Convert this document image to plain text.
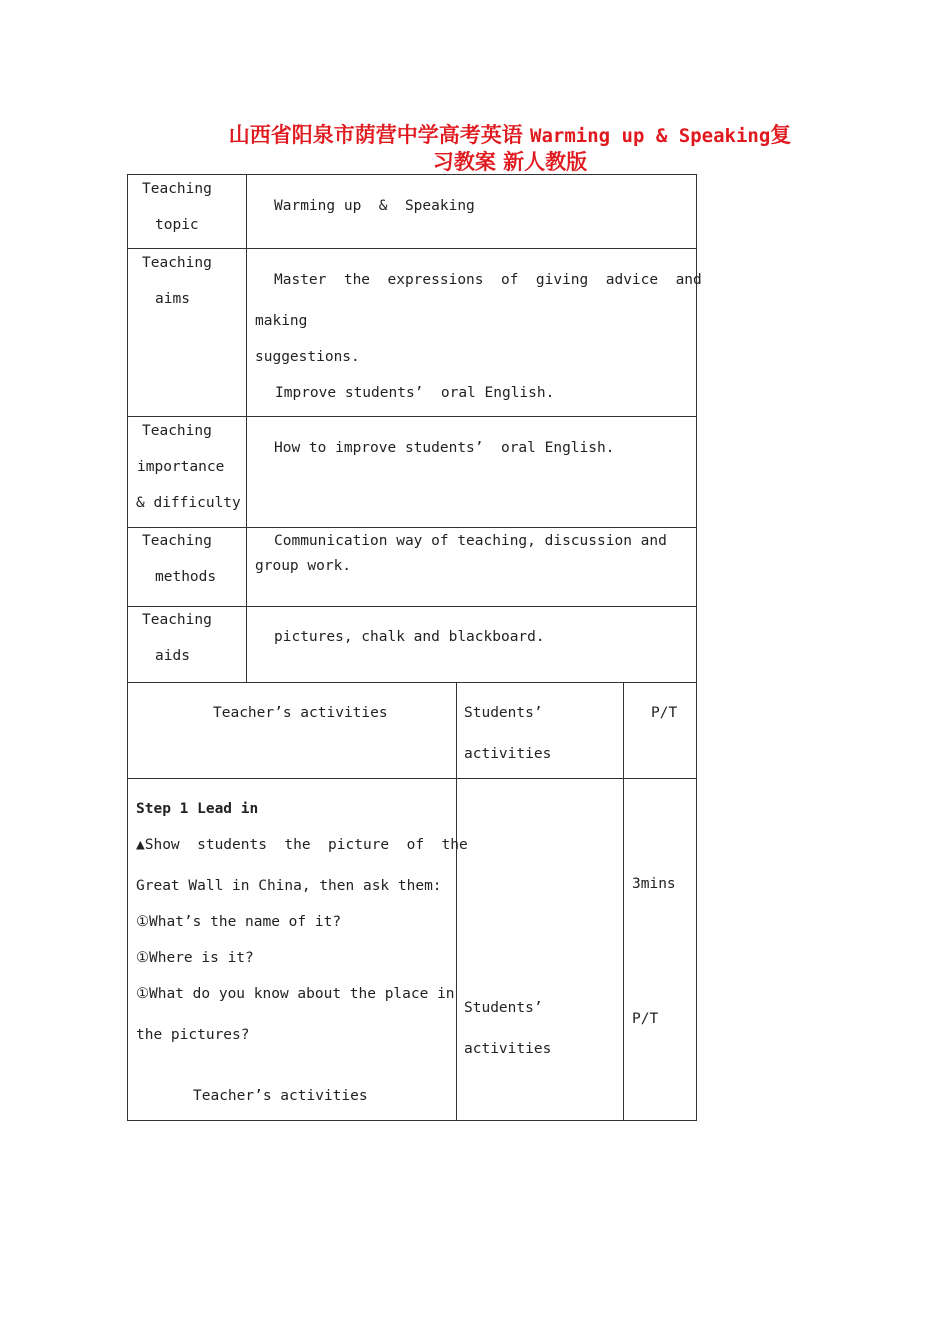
山西省阳泉市荫营中学高考英语 Warming up & Speaking复
习教案 新人教版
Teaching
topic
Warming up  &  Speaking
Teaching
aims
Master  the  expressions  of  giving  advice  and
making
suggestions.
Improve students’  oral English.
Teaching
importance
& difficulty
How to improve students’  oral English.
Teaching
methods
Communication way of teaching, discussion and
group work.
Teaching
aids
pictures, chalk and blackboard.
Teacher’s activities	Students’
activities
P/T
Step 1 Lead in
▲Show  students  the  picture  of  the
Great Wall in China, then ask them:
①What’s the name of it?
①Where is it?
①What do you know about the place in
the pictures?
Teacher’s activities
Students’
activities
3mins
P/T
